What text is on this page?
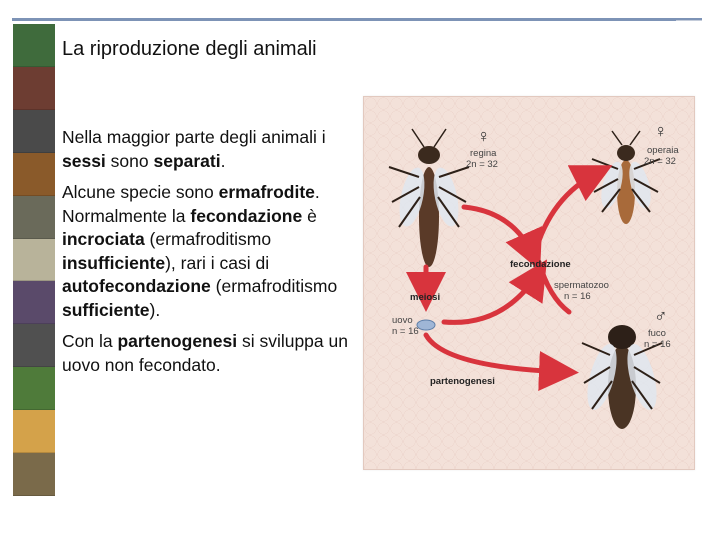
La riproduzione degli animali

Nella maggior parte degli animali i sessi sono separati.

Alcune specie sono ermafrodite. Normalmente la fecondazione è incrociata (ermafroditismo insufficiente), rari i casi di autofecondazione (ermafroditismo sufficiente).

Con la partenogenesi si sviluppa un uovo non fecondato.

♀
regina
2n = 32
♀
operaia
2n = 32
fecondazione
meiosi
spermatozoo
n = 16
uovo
n = 16
♂
fuco
n = 16
partenogenesi
